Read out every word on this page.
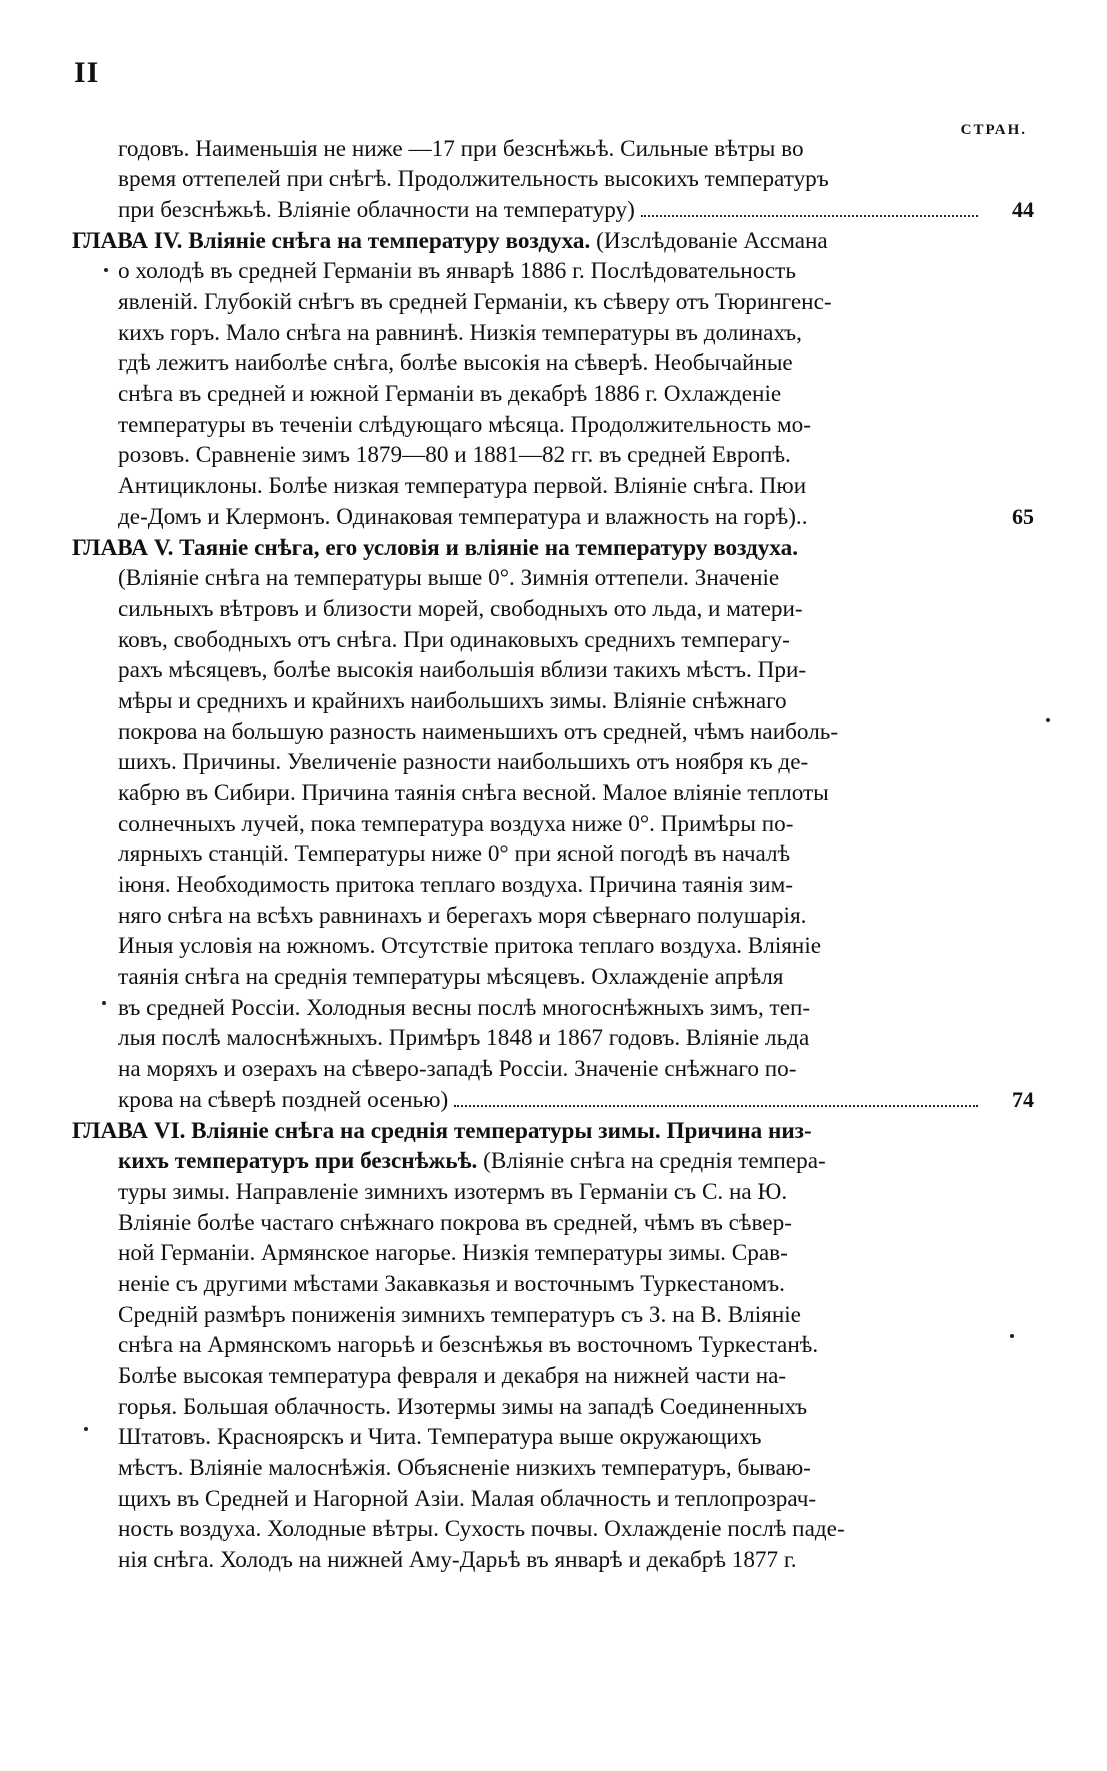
II
СТРАН.
годовъ. Наименьшія не ниже —17 при безснѣжьѣ. Сильные вѣтры во
время оттепелей при снѣгѣ. Продолжительность высокихъ температуръ
при безснѣжьѣ. Вліяніе облачности на температуру)	44
ГЛАВА IV. Вліяніе снѣга на температуру воздуха. (Изслѣдованіе Ассмана
о холодѣ въ средней Германіи въ январѣ 1886 г. Послѣдовательность
явленій. Глубокій снѣгъ въ средней Германіи, къ сѣверу отъ Тюрингенс-
кихъ горъ. Мало снѣга на равнинѣ. Низкія температуры въ долинахъ,
гдѣ лежитъ наиболѣе снѣга, болѣе высокія на сѣверѣ. Необычайные
снѣга въ средней и южной Германіи въ декабрѣ 1886 г. Охлажденіе
температуры въ теченіи слѣдующаго мѣсяца. Продолжительность мо-
розовъ. Сравненіе зимъ 1879—80 и 1881—82 гг. въ средней Европѣ.
Антициклоны. Болѣе низкая температура первой. Вліяніе снѣга. Пюи
де-Домъ и Клермонъ. Одинаковая температура и влажность на горѣ)..	65
ГЛАВА V. Таяніе снѣга, его условія и вліяніе на температуру воздуха.
(Вліяніе снѣга на температуры выше 0°. Зимнія оттепели. Значеніе
сильныхъ вѣтровъ и близости морей, свободныхъ ото льда, и матери-
ковъ, свободныхъ отъ снѣга. При одинаковыхъ среднихъ темперагу-
рахъ мѣсяцевъ, болѣе высокія наибольшія вблизи такихъ мѣстъ. При-
мѣры и среднихъ и крайнихъ наибольшихъ зимы. Вліяніе снѣжнаго
покрова на большую разность наименьшихъ отъ средней, чѣмъ наиболь-
шихъ. Причины. Увеличеніе разности наибольшихъ отъ ноября къ де-
кабрю въ Сибири. Причина таянія снѣга весной. Малое вліяніе теплоты
солнечныхъ лучей, пока температура воздуха ниже 0°. Примѣры по-
лярныхъ станцій. Температуры ниже 0° при ясной погодѣ въ началѣ
іюня. Необходимость притока теплаго воздуха. Причина таянія зим-
няго снѣга на всѣхъ равнинахъ и берегахъ моря сѣвернаго полушарія.
Иныя условія на южномъ. Отсутствіе притока теплаго воздуха. Вліяніе
таянія снѣга на среднія температуры мѣсяцевъ. Охлажденіе апрѣля
въ средней Россіи. Холодныя весны послѣ многоснѣжныхъ зимъ, теп-
лыя послѣ малоснѣжныхъ. Примѣръ 1848 и 1867 годовъ. Вліяніе льда
на моряхъ и озерахъ на сѣверо-западѣ Россіи. Значеніе снѣжнаго по-
крова на сѣверѣ поздней осенью)	74
ГЛАВА VI. Вліяніе снѣга на среднія температуры зимы. Причина низ-
кихъ температуръ при безснѣжьѣ. (Вліяніе снѣга на среднія темпера-
туры зимы. Направленіе зимнихъ изотермъ въ Германіи съ С. на Ю.
Вліяніе болѣе частаго снѣжнаго покрова въ средней, чѣмъ въ сѣвер-
ной Германіи. Армянское нагорье. Низкія температуры зимы. Срав-
неніе съ другими мѣстами Закавказья и восточнымъ Туркестаномъ.
Средній размѣръ пониженія зимнихъ температуръ съ З. на В. Вліяніе
снѣга на Армянскомъ нагорьѣ и безснѣжья въ восточномъ Туркестанѣ.
Болѣе высокая температура февраля и декабря на нижней части на-
горья. Большая облачность. Изотермы зимы на западѣ Соединенныхъ
Штатовъ. Красноярскъ и Чита. Температура выше окружающихъ
мѣстъ. Вліяніе малоснѣжія. Объясненіе низкихъ температуръ, бываю-
щихъ въ Средней и Нагорной Азіи. Малая облачность и теплопрозрач-
ность воздуха. Холодные вѣтры. Сухость почвы. Охлажденіе послѣ паде-
нія снѣга. Холодъ на нижней Аму-Дарьѣ въ январѣ и декабрѣ 1877 г.
